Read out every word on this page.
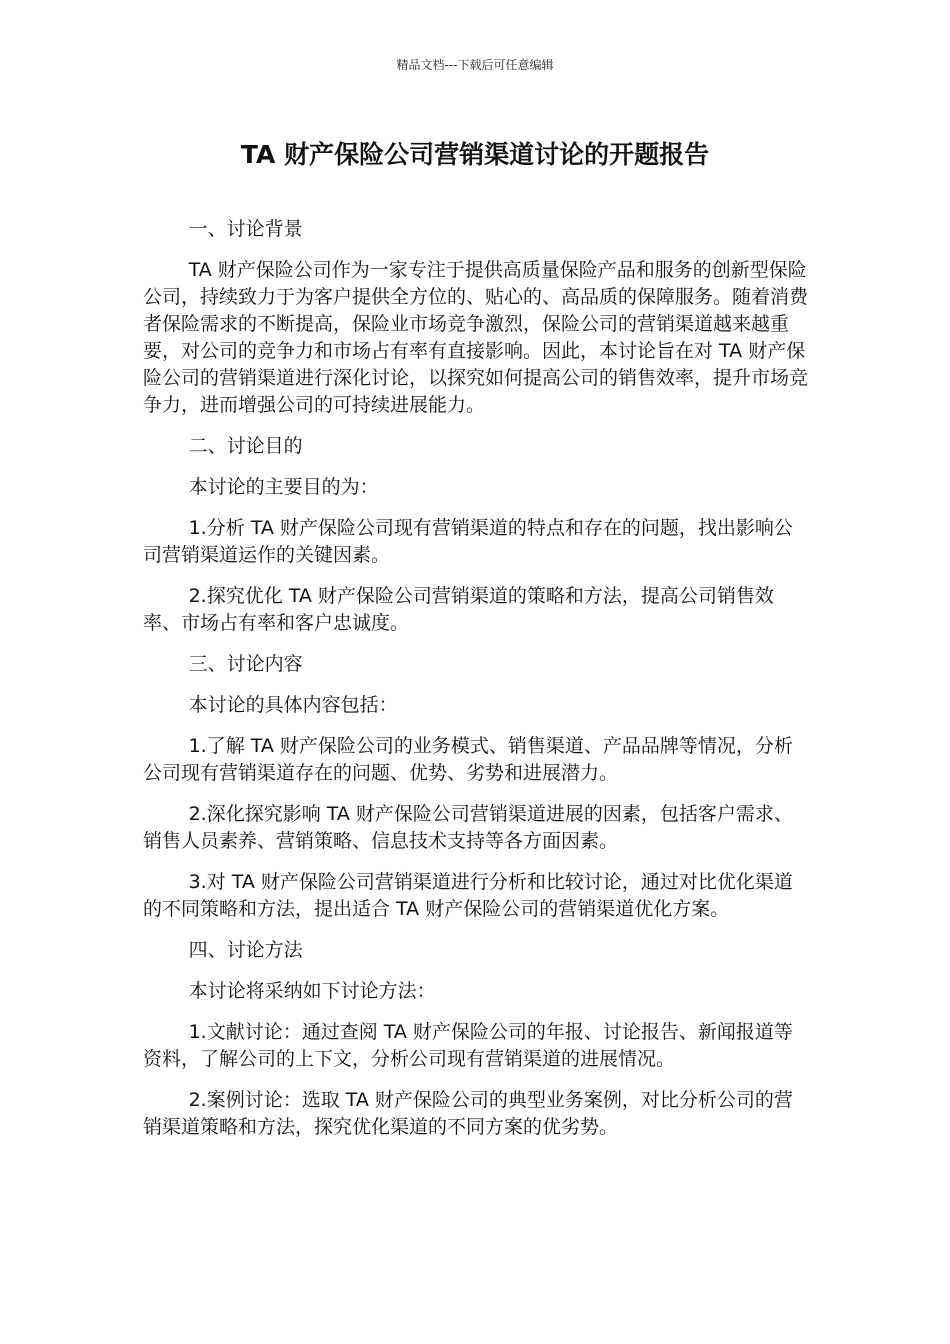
精品文档---下载后可任意编辑
TA 财产保险公司营销渠道讨论的开题报告

一、讨论背景

TA 财产保险公司作为一家专注于提供高质量保险产品和服务的创新型保险公司，持续致力于为客户提供全方位的、贴心的、高品质的保障服务。随着消费者保险需求的不断提高，保险业市场竞争激烈，保险公司的营销渠道越来越重要，对公司的竞争力和市场占有率有直接影响。因此，本讨论旨在对 TA 财产保险公司的营销渠道进行深化讨论，以探究如何提高公司的销售效率，提升市场竞争力，进而增强公司的可持续进展能力。

二、讨论目的

本讨论的主要目的为：

1.分析 TA 财产保险公司现有营销渠道的特点和存在的问题，找出影响公司营销渠道运作的关键因素。

2.探究优化 TA 财产保险公司营销渠道的策略和方法，提高公司销售效率、市场占有率和客户忠诚度。

三、讨论内容

本讨论的具体内容包括：

1.了解 TA 财产保险公司的业务模式、销售渠道、产品品牌等情况，分析公司现有营销渠道存在的问题、优势、劣势和进展潜力。

2.深化探究影响 TA 财产保险公司营销渠道进展的因素，包括客户需求、销售人员素养、营销策略、信息技术支持等各方面因素。

3.对 TA 财产保险公司营销渠道进行分析和比较讨论，通过对比优化渠道的不同策略和方法，提出适合 TA 财产保险公司的营销渠道优化方案。

四、讨论方法

本讨论将采纳如下讨论方法：

1.文献讨论：通过查阅 TA 财产保险公司的年报、讨论报告、新闻报道等资料，了解公司的上下文，分析公司现有营销渠道的进展情况。

2.案例讨论：选取 TA 财产保险公司的典型业务案例，对比分析公司的营销渠道策略和方法，探究优化渠道的不同方案的优劣势。
